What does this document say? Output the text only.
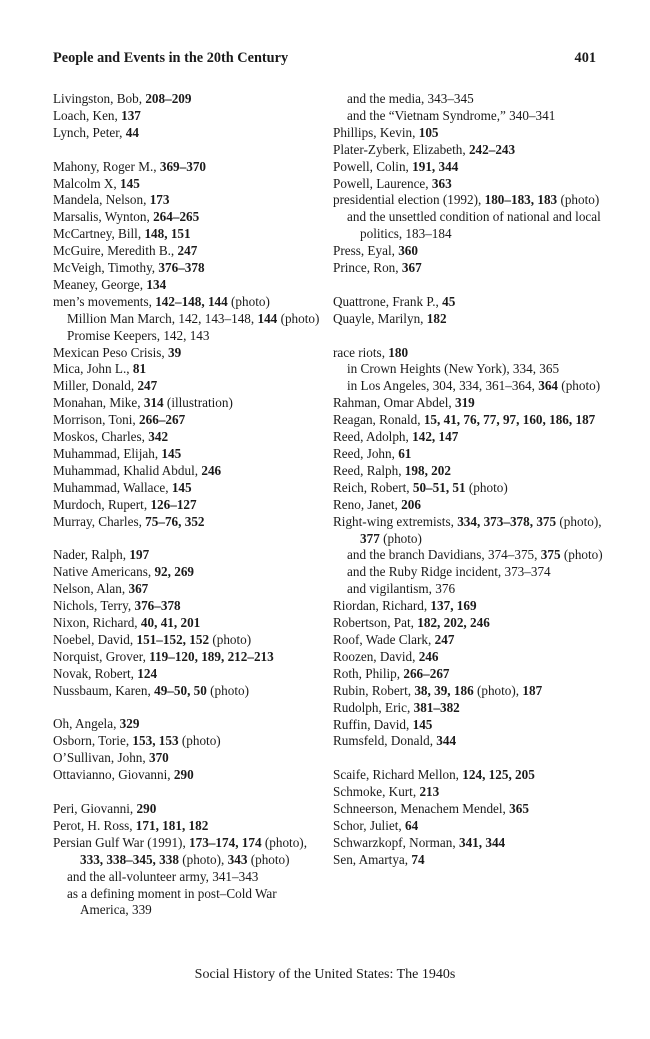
People and Events in the 20th Century	401
Livingston, Bob, 208–209
Loach, Ken, 137
Lynch, Peter, 44
Mahony, Roger M., 369–370
Malcolm X, 145
Mandela, Nelson, 173
Marsalis, Wynton, 264–265
McCartney, Bill, 148, 151
McGuire, Meredith B., 247
McVeigh, Timothy, 376–378
Meaney, George, 134
men’s movements, 142–148, 144 (photo)
Million Man March, 142, 143–148, 144 (photo)
Promise Keepers, 142, 143
Mexican Peso Crisis, 39
Mica, John L., 81
Miller, Donald, 247
Monahan, Mike, 314 (illustration)
Morrison, Toni, 266–267
Moskos, Charles, 342
Muhammad, Elijah, 145
Muhammad, Khalid Abdul, 246
Muhammad, Wallace, 145
Murdoch, Rupert, 126–127
Murray, Charles, 75–76, 352
Nader, Ralph, 197
Native Americans, 92, 269
Nelson, Alan, 367
Nichols, Terry, 376–378
Nixon, Richard, 40, 41, 201
Noebel, David, 151–152, 152 (photo)
Norquist, Grover, 119–120, 189, 212–213
Novak, Robert, 124
Nussbaum, Karen, 49–50, 50 (photo)
Oh, Angela, 329
Osborn, Torie, 153, 153 (photo)
O’Sullivan, John, 370
Ottavianno, Giovanni, 290
Peri, Giovanni, 290
Perot, H. Ross, 171, 181, 182
Persian Gulf War (1991), 173–174, 174 (photo), 333, 338–345, 338 (photo), 343 (photo)
and the all-volunteer army, 341–343
as a defining moment in post–Cold War America, 339
and the media, 343–345
and the “Vietnam Syndrome,” 340–341
Phillips, Kevin, 105
Plater-Zyberk, Elizabeth, 242–243
Powell, Colin, 191, 344
Powell, Laurence, 363
presidential election (1992), 180–183, 183 (photo)
and the unsettled condition of national and local politics, 183–184
Press, Eyal, 360
Prince, Ron, 367
Quattrone, Frank P., 45
Quayle, Marilyn, 182
race riots, 180
in Crown Heights (New York), 334, 365
in Los Angeles, 304, 334, 361–364, 364 (photo)
Rahman, Omar Abdel, 319
Reagan, Ronald, 15, 41, 76, 77, 97, 160, 186, 187
Reed, Adolph, 142, 147
Reed, John, 61
Reed, Ralph, 198, 202
Reich, Robert, 50–51, 51 (photo)
Reno, Janet, 206
Right-wing extremists, 334, 373–378, 375 (photo), 377 (photo)
and the branch Davidians, 374–375, 375 (photo)
and the Ruby Ridge incident, 373–374
and vigilantism, 376
Riordan, Richard, 137, 169
Robertson, Pat, 182, 202, 246
Roof, Wade Clark, 247
Roozen, David, 246
Roth, Philip, 266–267
Rubin, Robert, 38, 39, 186 (photo), 187
Rudolph, Eric, 381–382
Ruffin, David, 145
Rumsfeld, Donald, 344
Scaife, Richard Mellon, 124, 125, 205
Schmoke, Kurt, 213
Schneerson, Menachem Mendel, 365
Schor, Juliet, 64
Schwarzkopf, Norman, 341, 344
Sen, Amartya, 74
Social History of the United States: The 1940s
